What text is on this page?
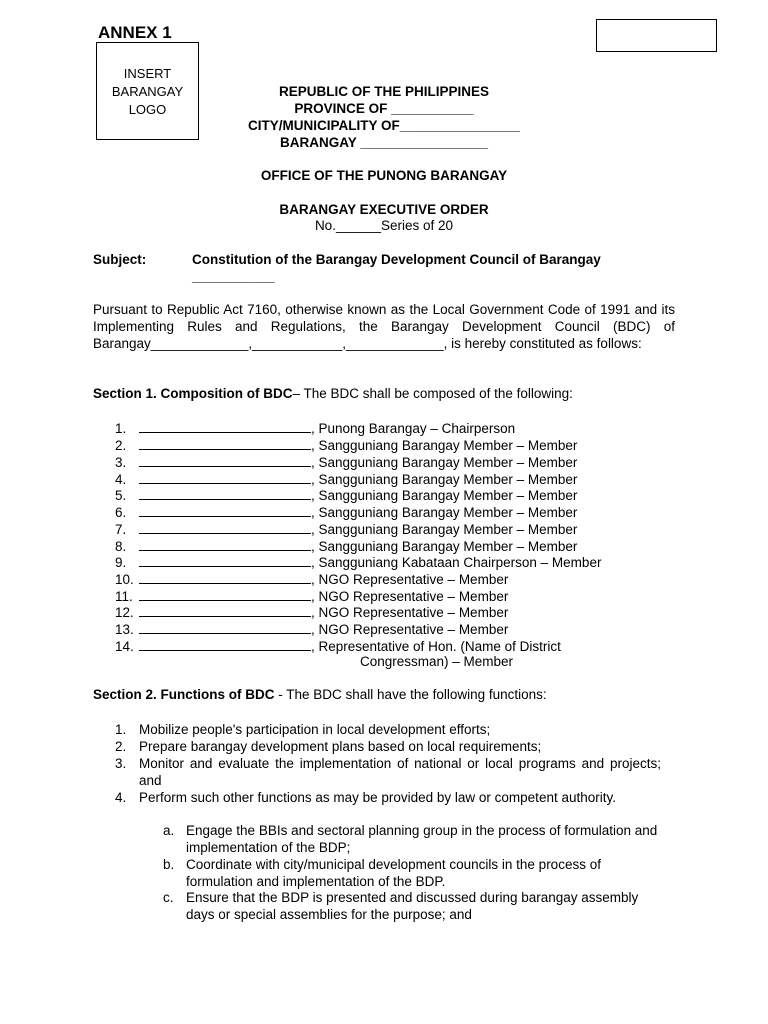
ANNEX 1
INSERT
BARANGAY
LOGO
REPUBLIC OF THE PHILIPPINES
PROVINCE OF ___________
CITY/MUNICIPALITY OF________________
BARANGAY _________________
OFFICE OF THE PUNONG BARANGAY
BARANGAY EXECUTIVE ORDER
No.______Series of 20
Subject:	Constitution of the Barangay Development Council of Barangay
___________
Pursuant to Republic Act 7160, otherwise known as the Local Government Code of 1991 and its Implementing Rules and Regulations, the Barangay Development Council (BDC) of Barangay_____________,____________,_____________, is hereby constituted as follows:
Section 1. Composition of BDC– The BDC shall be composed of the following:
1.	, Punong Barangay – Chairperson
2.	, Sangguniang Barangay Member – Member
3.	, Sangguniang Barangay Member – Member
4.	, Sangguniang Barangay Member – Member
5.	, Sangguniang Barangay Member – Member
6.	, Sangguniang Barangay Member – Member
7.	, Sangguniang Barangay Member – Member
8.	, Sangguniang Barangay Member – Member
9.	, Sangguniang Kabataan Chairperson – Member
10.	, NGO Representative – Member
11.	, NGO Representative – Member
12.	, NGO Representative – Member
13.	, NGO Representative – Member
14.	, Representative of Hon. (Name of District
Congressman) – Member
Section 2. Functions of BDC - The BDC shall have the following functions:
1. Mobilize people's participation in local development efforts;
2. Prepare barangay development plans based on local requirements;
3. Monitor and evaluate the implementation of national or local programs and projects; and
4. Perform such other functions as may be provided by law or competent authority.
a. Engage the BBIs and sectoral planning group in the process of formulation and implementation of the BDP;
b. Coordinate with city/municipal development councils in the process of formulation and implementation of the BDP.
c. Ensure that the BDP is presented and discussed during barangay assembly days or special assemblies for the purpose; and
